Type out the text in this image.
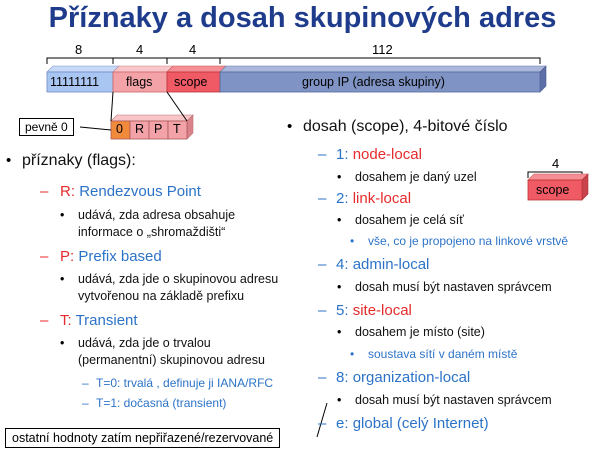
Příznaky a dosah skupinových adres
8	4	4	112
11111111 flags scope	group IP (adresa skupiny)
0 R P T
pevně 0
4
scope
• příznaky (flags):
– R: Rendezvous Point
• udává, zda adresa obsahuje
informace o „shromaždišti“
– P: Prefix based
• udává, zda jde o skupinovou adresu
vytvořenou na základě prefixu
– T: Transient
• udává, zda jde o trvalou
(permanentní) skupinovou adresu
– T=0: trvalá , definuje ji IANA/RFC
– T=1: dočasná (transient)
• dosah (scope), 4-bitové číslo
– 1: node-local
• dosahem je daný uzel
– 2: link-local
• dosahem je celá síť
• vše, co je propojeno na linkové vrstvě
– 4: admin-local
• dosah musí být nastaven správcem
– 5: site-local
• dosahem je místo (site)
• soustava sítí v daném místě
– 8: organization-local
• dosah musí být nastaven správcem
– e: global (celý Internet)
ostatní hodnoty zatím nepřiřazené/rezervované
